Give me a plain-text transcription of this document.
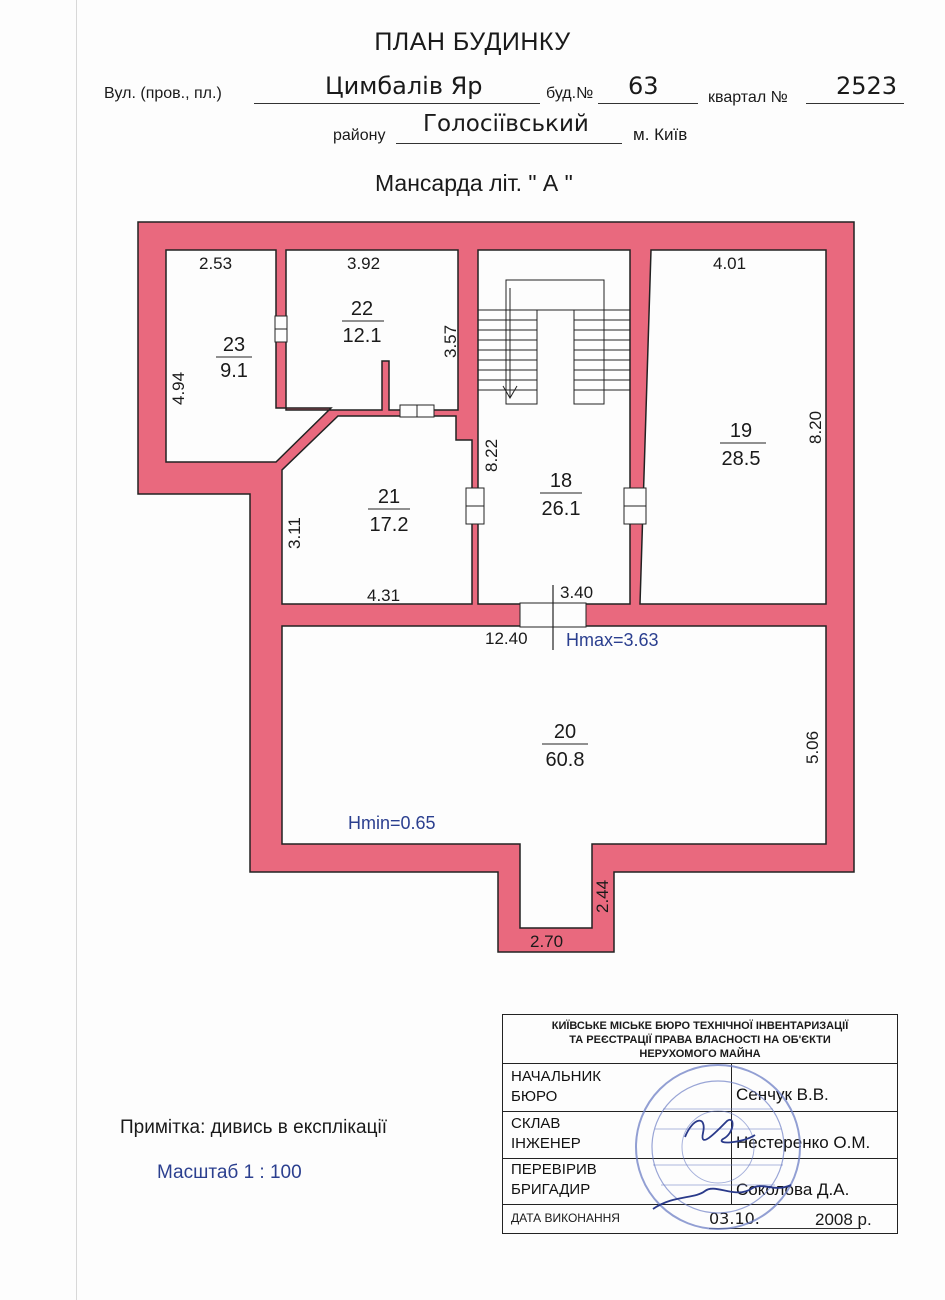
ПЛАН БУДИНКУ
Вул. (пров., пл.)	Цимбалів Яр	буд.№ 63	квартал № 2523
району Голосіївський	м. Київ
Мансарда літ. " А "
23
9.1
22
12.1
21
17.2
18
26.1
19
28.5
20
60.8
2.53	3.92	4.01
3.57
4.94
8.22
8.20
3.11
4.31	3.40
12.40
5.06
2.44
2.70
Hmax=3.63
Hmin=0.65
Примітка: дивись в експлікації
Масштаб 1 : 100
КИЇВСЬКЕ МІСЬКЕ БЮРО ТЕХНІЧНОЇ ІНВЕНТАРИЗАЦІЇ
ТА РЕЄСТРАЦІЇ ПРАВА ВЛАСНОСТІ НА ОБ'ЄКТИ
НЕРУХОМОГО МАЙНА
НАЧАЛЬНИК
БЮРО	Сенчук В.В.
СКЛАВ
ІНЖЕНЕР	Нестеренко О.М.
ПЕРЕВІРИВ
БРИГАДИР	Соколова Д.А.
ДАТА ВИКОНАННЯ	03.10.	2008 р.
